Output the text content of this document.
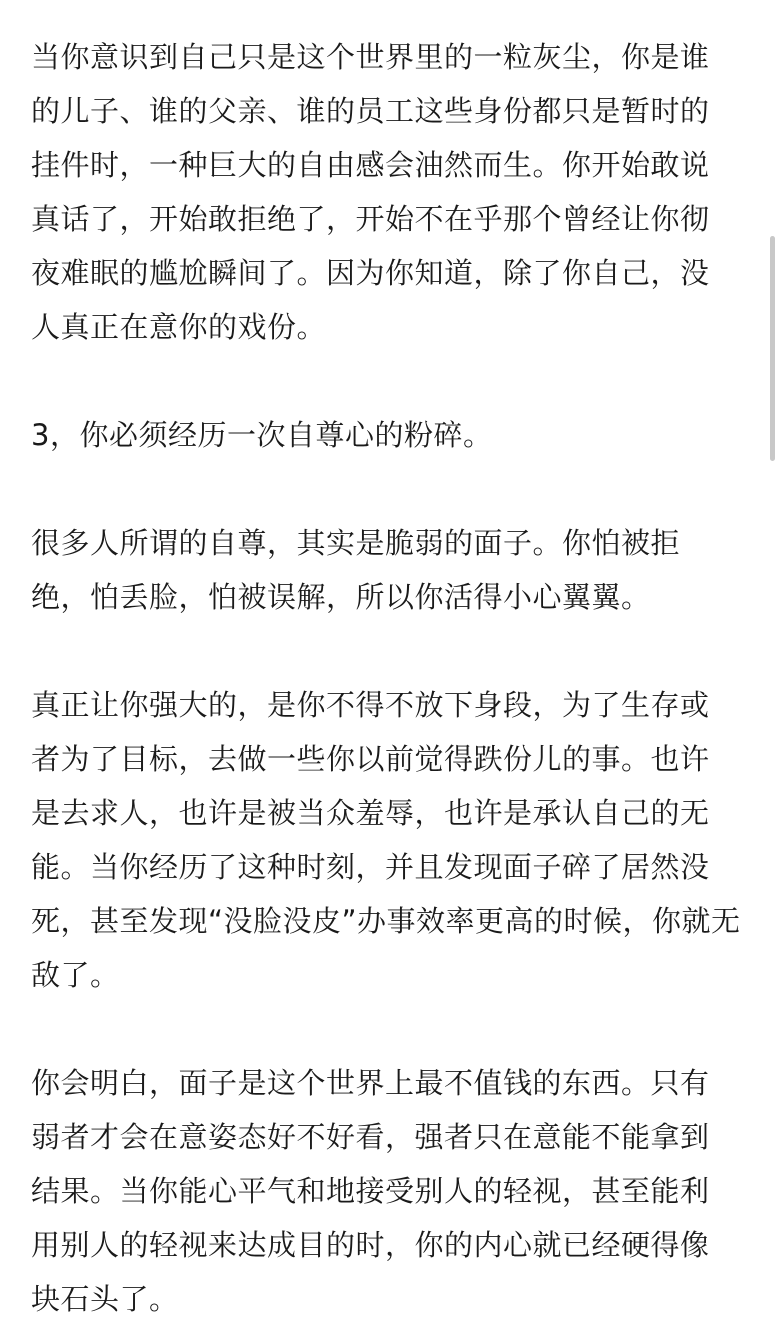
当你意识到自己只是这个世界里的一粒灰尘，你是谁
的儿子、谁的父亲、谁的员工这些身份都只是暂时的
挂件时，一种巨大的自由感会油然而生。你开始敢说
真话了，开始敢拒绝了，开始不在乎那个曾经让你彻
夜难眠的尴尬瞬间了。因为你知道，除了你自己，没
人真正在意你的戏份。

3，你必须经历一次自尊心的粉碎。

很多人所谓的自尊，其实是脆弱的面子。你怕被拒
绝，怕丢脸，怕被误解，所以你活得小心翼翼。

真正让你强大的，是你不得不放下身段，为了生存或
者为了目标，去做一些你以前觉得跌份儿的事。也许
是去求人，也许是被当众羞辱，也许是承认自己的无
能。当你经历了这种时刻，并且发现面子碎了居然没
死，甚至发现“没脸没皮”办事效率更高的时候，你就无
敌了。

你会明白，面子是这个世界上最不值钱的东西。只有
弱者才会在意姿态好不好看，强者只在意能不能拿到
结果。当你能心平气和地接受别人的轻视，甚至能利
用别人的轻视来达成目的时，你的内心就已经硬得像
块石头了。
